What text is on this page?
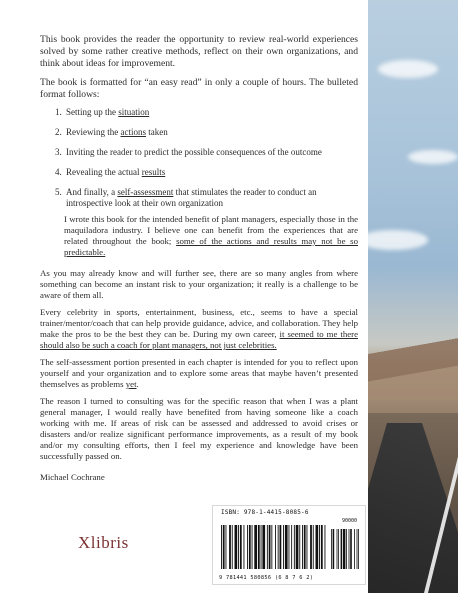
This book provides the reader the opportunity to review real-world experiences solved by some rather creative methods, reflect on their own organizations, and think about ideas for improvement.

The book is formatted for “an easy read” in only a couple of hours. The bulleted format follows:

1. Setting up the situation
2. Reviewing the actions taken
3. Inviting the reader to predict the possible consequences of the outcome
4. Revealing the actual results
5. And finally, a self-assessment that stimulates the reader to conduct an introspective look at their own organization

I wrote this book for the intended benefit of plant managers, especially those in the maquiladora industry. I believe one can benefit from the experiences that are related throughout the book; some of the actions and results may not be so predictable.

As you may already know and will further see, there are so many angles from where something can become an instant risk to your organization; it really is a challenge to be aware of them all.

Every celebrity in sports, entertainment, business, etc., seems to have a special trainer/mentor/coach that can help provide guidance, advice, and collaboration. They help make the pros to be the best they can be. During my own career, it seemed to me there should also be such a coach for plant managers, not just celebrities.

The self-assessment portion presented in each chapter is intended for you to reflect upon yourself and your organization and to explore some areas that maybe haven’t presented themselves as problems yet.

The reason I turned to consulting was for the specific reason that when I was a plant general manager, I would really have benefited from having someone like a coach working with me. If areas of risk can be assessed and addressed to avoid crises or disasters and/or realize significant performance improvements, as a result of my book and/or my consulting efforts, then I feel my experience and knowledge have been successfully passed on.

Michael Cochrane

Xlibris
ISBN: 978-1-4415-8085-6
90000
9 781441 580856 (6 8 7 6 2)
